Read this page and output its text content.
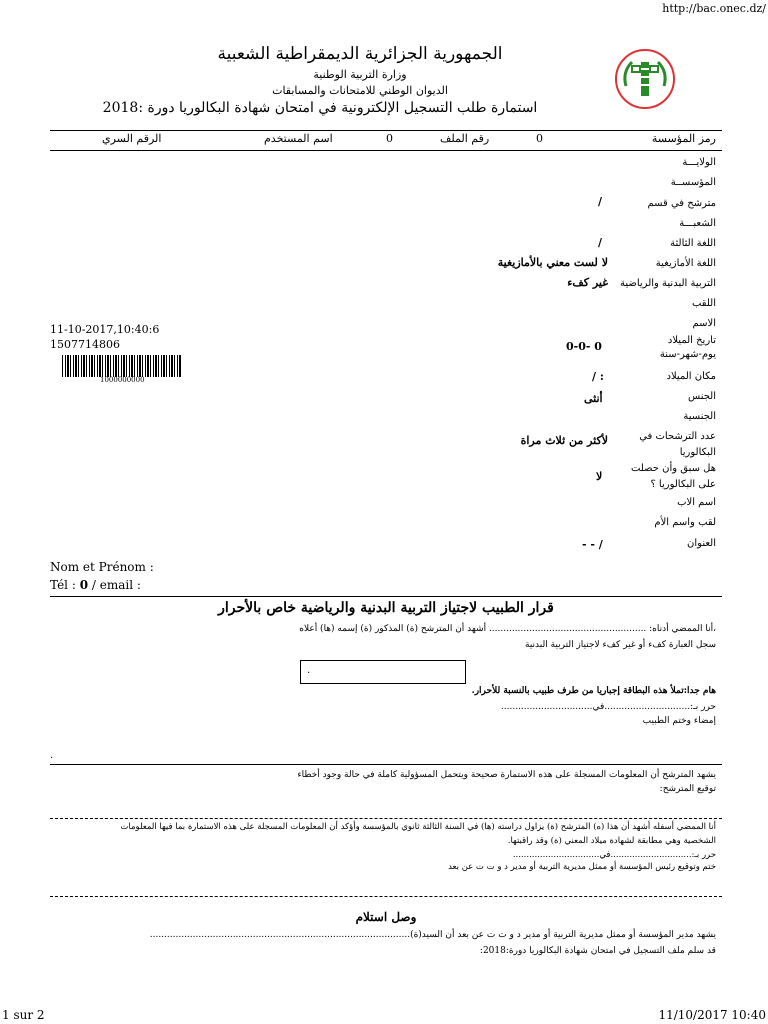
http://bac.onec.dz/
الجمهورية الجزائرية الديمقراطية الشعبية
وزارة التربية الوطنية
الديوان الوطني للامتحانات والمسابقات
استمارة طلب التسجيل الإلكترونية في امتحان شهادة البكالوريا دورة :2018
رمز المؤسسة
0
رقم الملف
0
اسم المستخدم
الرقم السري
الولايـــة
المؤسســة
مترشح في قسم
/
الشعبـــة
اللغة الثالثة
/
اللغة الأمازيغية
لا لست معني بالأمازيغية
التربية البدنية والرياضية
غير كفء
اللقب
الاسم
تاريخ الميلاد
يوم-شهر-سنة
0-0- 0
مكان الميلاد
/ :
الجنس
أنثى
الجنسية
عدد الترشحات في
البكالوريا
لأكثر من ثلاث مراة
هل سبق وأن حصلت
على البكالوريا ؟
لا
اسم الاب
لقب واسم الأم
العنوان
- - /
11-10-2017,10:40:6
1507714806
1000000000
Nom et Prénom :
Tél : 0 / email :
قرار الطبيب لاجتياز التربية البدنية والرياضية خاص بالأحرار
،أنا الممضي أدناه: ....................................................... أشهد أن المترشح (ة) المذكور (ة) إسمه (ها) أعلاه
سجل العبارة كفء أو غير كفء لاجتياز التربية البدنية
.
هام جدا:تملأ هذه البطاقة إجباريا من طرف طبيب بالنسبة للأحرار.
حرر بـ:..............................في................................
إمضاء وختم الطبيب
.
يشهد المترشح أن المعلومات المسجلة على هذه الاستمارة صحيحة ويتحمل المسؤولية كاملة في حالة وجود أخطاء
توقيع المترشح:
أنا الممضي أسفله أشهد أن هذا (ه) المترشح (ة) يزاول دراسته (ها) في السنة الثالثة ثانوي بالمؤسسة وأؤكد أن المعلومات المسجلة على هذه الاستمارة بما فيها المعلومات
الشخصية وهي مطابقة لشهادة ميلاد المعني (ة) وقد راقبتها.
حرر بـ:..............................في................................
ختم وتوقيع رئيس المؤسسة أو ممثل مديرية التربية أو مدير د و ت ت عن بعد
وصل استلام
يشهد مدير المؤسسة أو ممثل مديرية التربية أو مدير د و ت ت عن بعد أن السيد(ة)...........................................................................................
قد سلم ملف التسجيل في امتحان شهادة البكالوريا دورة:2018:
1 sur 2	11/10/2017 10:40
